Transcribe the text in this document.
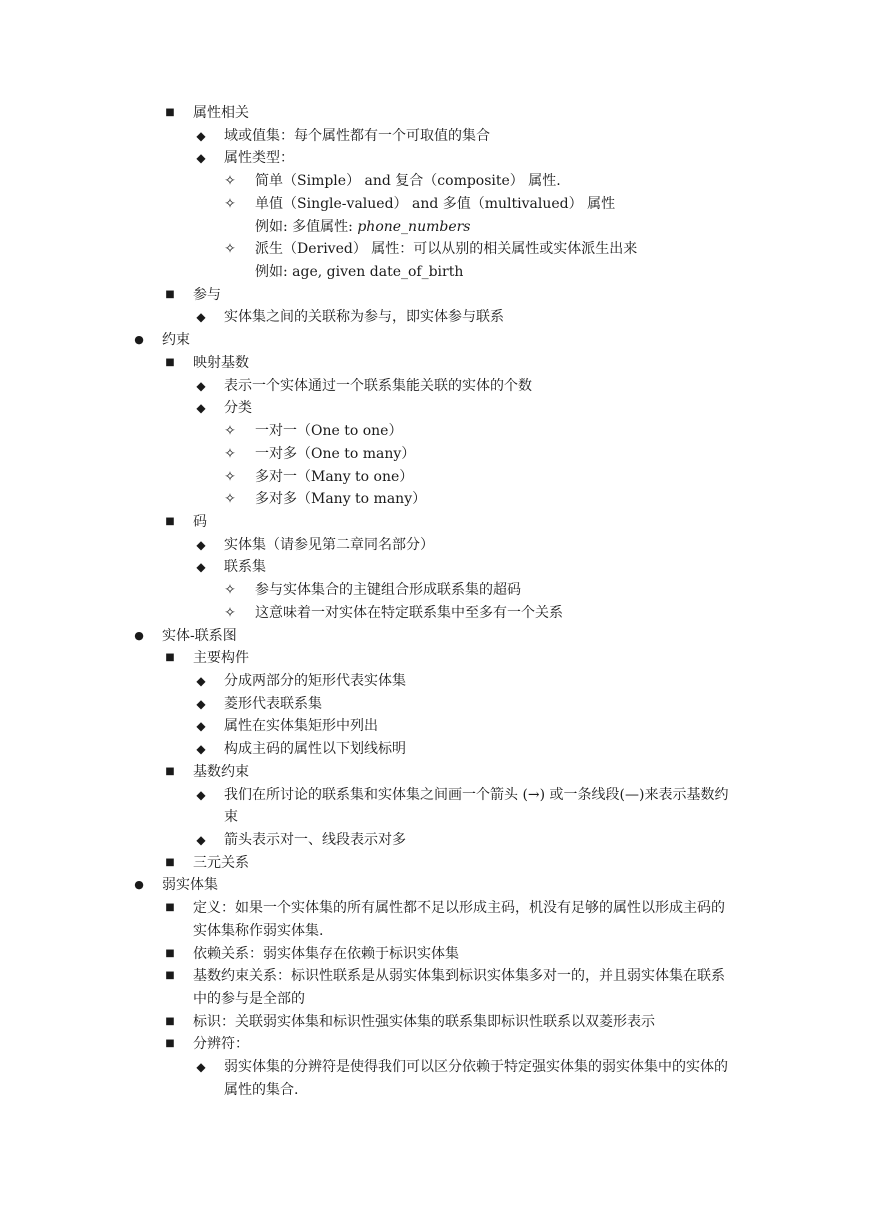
■ 属性相关
◆ 域或值集：每个属性都有一个可取值的集合
◆ 属性类型：
✧ 简单（Simple） and 复合（composite） 属性.
✧ 单值（Single-valued） and 多值（multivalued） 属性
例如: 多值属性: phone_numbers
✧ 派生（Derived） 属性：可以从别的相关属性或实体派生出来
例如: age, given date_of_birth
■ 参与
◆ 实体集之间的关联称为参与，即实体参与联系
● 约束
■ 映射基数
◆ 表示一个实体通过一个联系集能关联的实体的个数
◆ 分类
✧ 一对一（One to one）
✧ 一对多（One to many）
✧ 多对一（Many to one）
✧ 多对多（Many to many）
■ 码
◆ 实体集（请参见第二章同名部分）
◆ 联系集
✧ 参与实体集合的主键组合形成联系集的超码
✧ 这意味着一对实体在特定联系集中至多有一个关系
● 实体-联系图
■ 主要构件
◆ 分成两部分的矩形代表实体集
◆ 菱形代表联系集
◆ 属性在实体集矩形中列出
◆ 构成主码的属性以下划线标明
■ 基数约束
◆ 我们在所讨论的联系集和实体集之间画一个箭头 (→) 或一条线段(—)来表示基数约束
◆ 箭头表示对一、线段表示对多
■ 三元关系
● 弱实体集
■ 定义：如果一个实体集的所有属性都不足以形成主码，机没有足够的属性以形成主码的实体集称作弱实体集.
■ 依赖关系：弱实体集存在依赖于标识实体集
■ 基数约束关系：标识性联系是从弱实体集到标识实体集多对一的，并且弱实体集在联系中的参与是全部的
■ 标识：关联弱实体集和标识性强实体集的联系集即标识性联系以双菱形表示
■ 分辨符：
◆ 弱实体集的分辨符是使得我们可以区分依赖于特定强实体集的弱实体集中的实体的属性的集合.
